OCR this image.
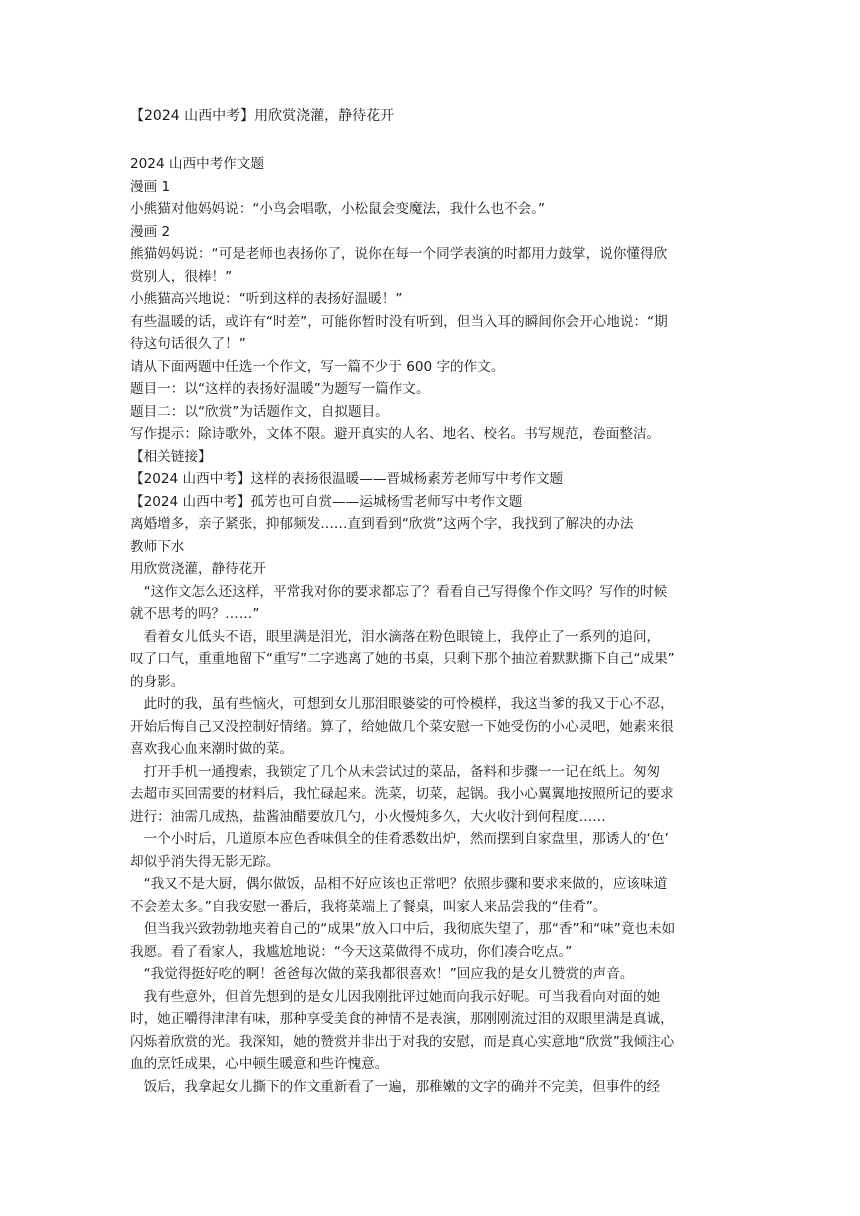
【2024 山西中考】用欣赏浇灌，静待花开

2024 山西中考作文题

漫画 1

小熊猫对他妈妈说：“小鸟会唱歌，小松鼠会变魔法，我什么也不会。”

漫画 2

熊猫妈妈说：“可是老师也表扬你了，说你在每一个同学表演的时都用力鼓掌，说你懂得欣

赏别人，很棒！”

小熊猫高兴地说：“听到这样的表扬好温暖！”

有些温暖的话，或许有“时差”，可能你暂时没有听到，但当入耳的瞬间你会开心地说：“期

待这句话很久了！”

请从下面两题中任选一个作文，写一篇不少于 600 字的作文。

题目一：以“这样的表扬好温暖”为题写一篇作文。

题目二：以“欣赏”为话题作文，自拟题目。

写作提示：除诗歌外，文体不限。避开真实的人名、地名、校名。书写规范，卷面整洁。

【相关链接】

【2024 山西中考】这样的表扬很温暖——晋城杨素芳老师写中考作文题

【2024 山西中考】孤芳也可自赏——运城杨雪老师写中考作文题

离婚增多，亲子紧张，抑郁频发……直到看到“欣赏”这两个字，我找到了解决的办法

教师下水

用欣赏浇灌，静待花开

　“这作文怎么还这样，平常我对你的要求都忘了？看看自己写得像个作文吗？写作的时候

就不思考的吗？……”

　看着女儿低头不语，眼里满是泪光，泪水滴落在粉色眼镜上，我停止了一系列的追问，

叹了口气，重重地留下“重写”二字逃离了她的书桌，只剩下那个抽泣着默默撕下自己“成果”

的身影。

　此时的我，虽有些恼火，可想到女儿那泪眼婆娑的可怜模样，我这当爹的我又于心不忍，

开始后悔自己又没控制好情绪。算了，给她做几个菜安慰一下她受伤的小心灵吧，她素来很

喜欢我心血来潮时做的菜。

　打开手机一通搜索，我锁定了几个从未尝试过的菜品，备料和步骤一一记在纸上。匆匆

去超市买回需要的材料后，我忙碌起来。洗菜，切菜，起锅。我小心翼翼地按照所记的要求

进行：油需几成热，盐酱油醋要放几勺，小火慢炖多久，大火收汁到何程度……

　一个小时后，几道原本应色香味俱全的佳肴悉数出炉，然而摆到自家盘里，那诱人的‘色’

却似乎消失得无影无踪。

　“我又不是大厨，偶尔做饭，品相不好应该也正常吧？依照步骤和要求来做的，应该味道

不会差太多。”自我安慰一番后，我将菜端上了餐桌，叫家人来品尝我的“佳肴”。

　但当我兴致勃勃地夹着自己的“成果”放入口中后，我彻底失望了，那“香”和“味”竟也未如

我愿。看了看家人，我尴尬地说：“今天这菜做得不成功，你们凑合吃点。”

　“我觉得挺好吃的啊！爸爸每次做的菜我都很喜欢！”回应我的是女儿赞赏的声音。

　我有些意外，但首先想到的是女儿因我刚批评过她而向我示好呢。可当我看向对面的她

时，她正嚼得津津有味，那种享受美食的神情不是表演，那刚刚流过泪的双眼里满是真诚，

闪烁着欣赏的光。我深知，她的赞赏并非出于对我的安慰，而是真心实意地“欣赏”我倾注心

血的烹饪成果，心中顿生暖意和些许愧意。

　饭后，我拿起女儿撕下的作文重新看了一遍，那稚嫩的文字的确并不完美，但事件的经
